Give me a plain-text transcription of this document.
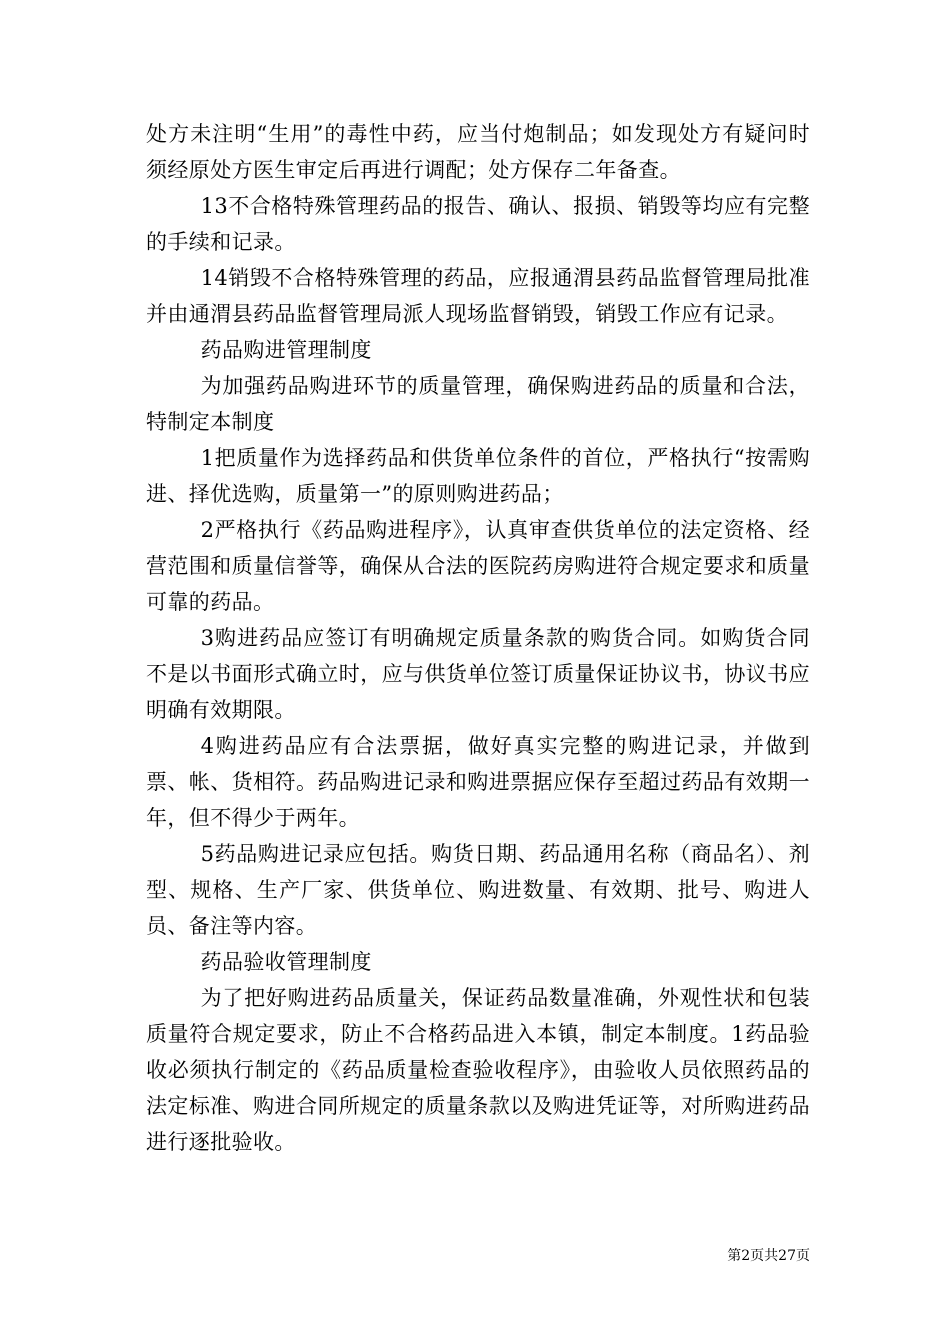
处方未注明“生用”的毒性中药，应当付炮制品；如发现处方有疑问时须经原处方医生审定后再进行调配；处方保存二年备查。

13不合格特殊管理药品的报告、确认、报损、销毁等均应有完整的手续和记录。

14销毁不合格特殊管理的药品，应报通渭县药品监督管理局批准并由通渭县药品监督管理局派人现场监督销毁，销毁工作应有记录。

药品购进管理制度

为加强药品购进环节的质量管理，确保购进药品的质量和合法，特制定本制度

1把质量作为选择药品和供货单位条件的首位，严格执行“按需购进、择优选购，质量第一”的原则购进药品；

2严格执行《药品购进程序》，认真审查供货单位的法定资格、经营范围和质量信誉等，确保从合法的医院药房购进符合规定要求和质量可靠的药品。

3购进药品应签订有明确规定质量条款的购货合同。如购货合同不是以书面形式确立时，应与供货单位签订质量保证协议书，协议书应明确有效期限。

4购进药品应有合法票据，做好真实完整的购进记录，并做到票、帐、货相符。药品购进记录和购进票据应保存至超过药品有效期一年，但不得少于两年。

5药品购进记录应包括。购货日期、药品通用名称（商品名）、剂型、规格、生产厂家、供货单位、购进数量、有效期、批号、购进人员、备注等内容。

药品验收管理制度

为了把好购进药品质量关，保证药品数量准确，外观性状和包装质量符合规定要求，防止不合格药品进入本镇，制定本制度。1药品验收必须执行制定的《药品质量检查验收程序》，由验收人员依照药品的法定标准、购进合同所规定的质量条款以及购进凭证等，对所购进药品进行逐批验收。

第2页共27页
